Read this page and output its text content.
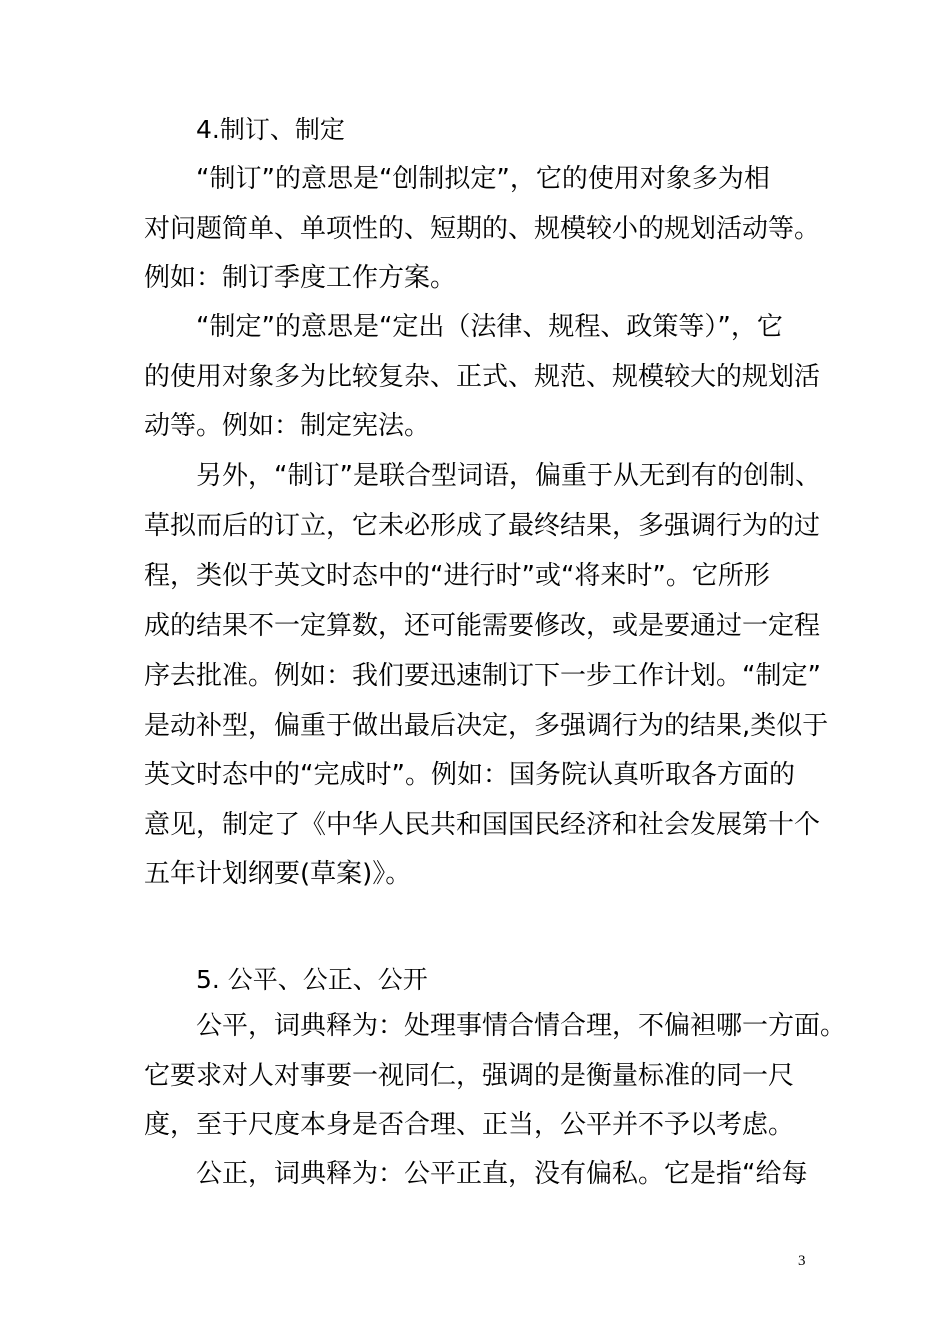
4.制订、制定
“制订”的意思是“创制拟定”，它的使用对象多为相
对问题简单、单项性的、短期的、规模较小的规划活动等。
例如：制订季度工作方案。
“制定”的意思是“定出（法律、规程、政策等）”，它
的使用对象多为比较复杂、正式、规范、规模较大的规划活
动等。例如：制定宪法。
另外，“制订”是联合型词语，偏重于从无到有的创制、
草拟而后的订立，它未必形成了最终结果，多强调行为的过
程，类似于英文时态中的“进行时”或“将来时”。它所形
成的结果不一定算数，还可能需要修改，或是要通过一定程
序去批准。例如：我们要迅速制订下一步工作计划。“制定”
是动补型，偏重于做出最后决定，多强调行为的结果,类似于
英文时态中的“完成时”。例如：国务院认真听取各方面的
意见，制定了《中华人民共和国国民经济和社会发展第十个
五年计划纲要(草案)》。
5. 公平、公正、公开
公平，词典释为：处理事情合情合理，不偏袒哪一方面。
它要求对人对事要一视同仁，强调的是衡量标准的同一尺
度，至于尺度本身是否合理、正当，公平并不予以考虑。
公正，词典释为：公平正直，没有偏私。它是指“给每
3
